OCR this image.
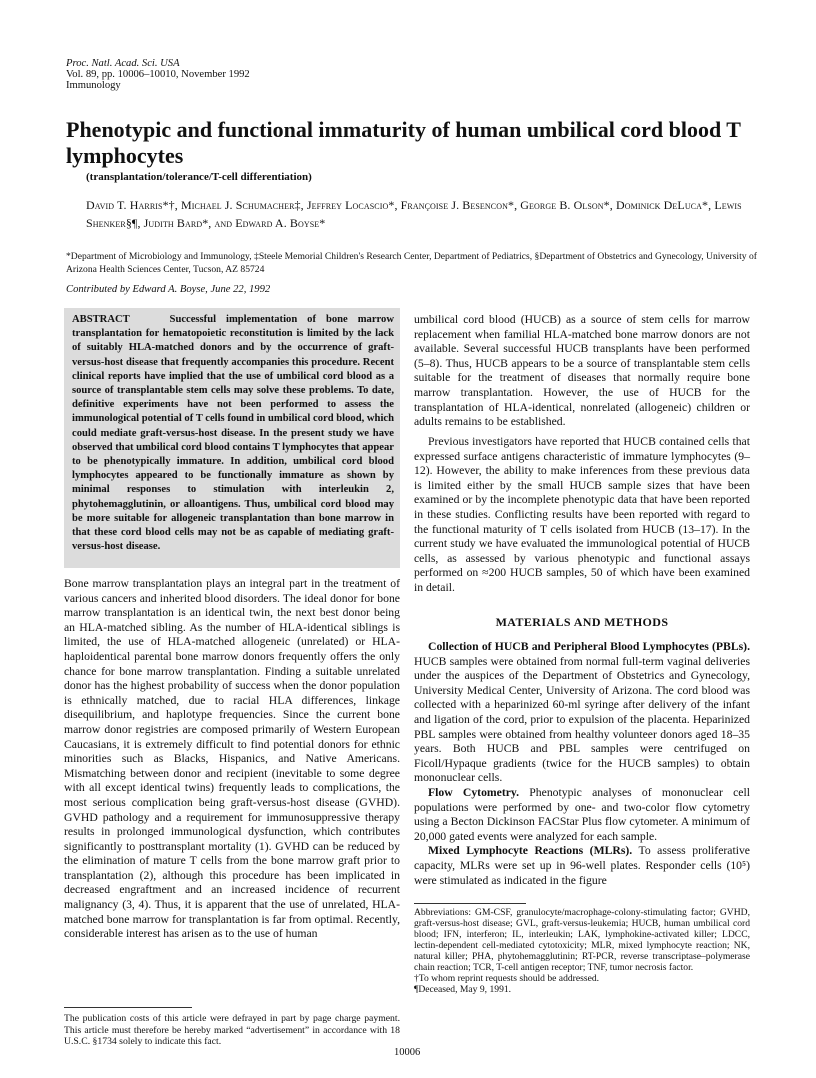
Proc. Natl. Acad. Sci. USA
Vol. 89, pp. 10006–10010, November 1992
Immunology
Phenotypic and functional immaturity of human umbilical cord blood T lymphocytes
(transplantation/tolerance/T-cell differentiation)
David T. Harris*†, Michael J. Schumacher‡, Jeffrey Locascio*, Françoise J. Besencon*, George B. Olson*, Dominick DeLuca*, Lewis Shenker§¶, Judith Bard*, and Edward A. Boyse*
*Department of Microbiology and Immunology, ‡Steele Memorial Children's Research Center, Department of Pediatrics, §Department of Obstetrics and Gynecology, University of Arizona Health Sciences Center, Tucson, AZ 85724
Contributed by Edward A. Boyse, June 22, 1992
ABSTRACT	Successful implementation of bone marrow transplantation for hematopoietic reconstitution is limited by the lack of suitably HLA-matched donors and by the occurrence of graft-versus-host disease that frequently accompanies this procedure. Recent clinical reports have implied that the use of umbilical cord blood as a source of transplantable stem cells may solve these problems. To date, definitive experiments have not been performed to assess the immunological potential of T cells found in umbilical cord blood, which could mediate graft-versus-host disease. In the present study we have observed that umbilical cord blood contains T lymphocytes that appear to be phenotypically immature. In addition, umbilical cord blood lymphocytes appeared to be functionally immature as shown by minimal responses to stimulation with interleukin 2, phytohemagglutinin, or alloantigens. Thus, umbilical cord blood may be more suitable for allogeneic transplantation than bone marrow in that these cord blood cells may not be as capable of mediating graft-versus-host disease.

Bone marrow transplantation plays an integral part in the treatment of various cancers and inherited blood disorders. The ideal donor for bone marrow transplantation is an identical twin, the next best donor being an HLA-matched sibling. As the number of HLA-identical siblings is limited, the use of HLA-matched allogeneic (unrelated) or HLA-haploidentical parental bone marrow donors frequently offers the only chance for bone marrow transplantation. Finding a suitable unrelated donor has the highest probability of success when the donor population is ethnically matched, due to racial HLA differences, linkage disequilibrium, and haplotype frequencies. Since the current bone marrow donor registries are composed primarily of Western European Caucasians, it is extremely difficult to find potential donors for ethnic minorities such as Blacks, Hispanics, and Native Americans. Mismatching between donor and recipient (inevitable to some degree with all except identical twins) frequently leads to complications, the most serious complication being graft-versus-host disease (GVHD). GVHD pathology and a requirement for immunosuppressive therapy results in prolonged immunological dysfunction, which contributes significantly to posttransplant mortality (1). GVHD can be reduced by the elimination of mature T cells from the bone marrow graft prior to transplantation (2), although this procedure has been implicated in decreased engraftment and an increased incidence of recurrent malignancy (3, 4). Thus, it is apparent that the use of unrelated, HLA-matched bone marrow for transplantation is far from optimal. Recently, considerable interest has arisen as to the use of human

umbilical cord blood (HUCB) as a source of stem cells for marrow replacement when familial HLA-matched bone marrow donors are not available. Several successful HUCB transplants have been performed (5–8). Thus, HUCB appears to be a source of transplantable stem cells suitable for the treatment of diseases that normally require bone marrow transplantation. However, the use of HUCB for the transplantation of HLA-identical, nonrelated (allogeneic) children or adults remains to be established.

Previous investigators have reported that HUCB contained cells that expressed surface antigens characteristic of immature lymphocytes (9–12). However, the ability to make inferences from these previous data is limited either by the small HUCB sample sizes that have been examined or by the incomplete phenotypic data that have been reported in these studies. Conflicting results have been reported with regard to the functional maturity of T cells isolated from HUCB (13–17). In the current study we have evaluated the immunological potential of HUCB cells, as assessed by various phenotypic and functional assays performed on ≈200 HUCB samples, 50 of which have been examined in detail.

MATERIALS AND METHODS

Collection of HUCB and Peripheral Blood Lymphocytes (PBLs). HUCB samples were obtained from normal full-term vaginal deliveries under the auspices of the Department of Obstetrics and Gynecology, University Medical Center, University of Arizona. The cord blood was collected with a heparinized 60-ml syringe after delivery of the infant and ligation of the cord, prior to expulsion of the placenta. Heparinized PBL samples were obtained from healthy volunteer donors aged 18–35 years. Both HUCB and PBL samples were centrifuged on Ficoll/Hypaque gradients (twice for the HUCB samples) to obtain mononuclear cells.

Flow Cytometry. Phenotypic analyses of mononuclear cell populations were performed by one- and two-color flow cytometry using a Becton Dickinson FACStar Plus flow cytometer. A minimum of 20,000 gated events were analyzed for each sample.

Mixed Lymphocyte Reactions (MLRs). To assess proliferative capacity, MLRs were set up in 96-well plates. Responder cells (10⁵) were stimulated as indicated in the figure

Abbreviations: GM-CSF, granulocyte/macrophage-colony-stimulating factor; GVHD, graft-versus-host disease; GVL, graft-versus-leukemia; HUCB, human umbilical cord blood; IFN, interferon; IL, interleukin; LAK, lymphokine-activated killer; LDCC, lectin-dependent cell-mediated cytotoxicity; MLR, mixed lymphocyte reaction; NK, natural killer; PHA, phytohemagglutinin; RT-PCR, reverse transcriptase–polymerase chain reaction; TCR, T-cell antigen receptor; TNF, tumor necrosis factor.
†To whom reprint requests should be addressed.
¶Deceased, May 9, 1991.
The publication costs of this article were defrayed in part by page charge payment. This article must therefore be hereby marked “advertisement” in accordance with 18 U.S.C. §1734 solely to indicate this fact.
10006
